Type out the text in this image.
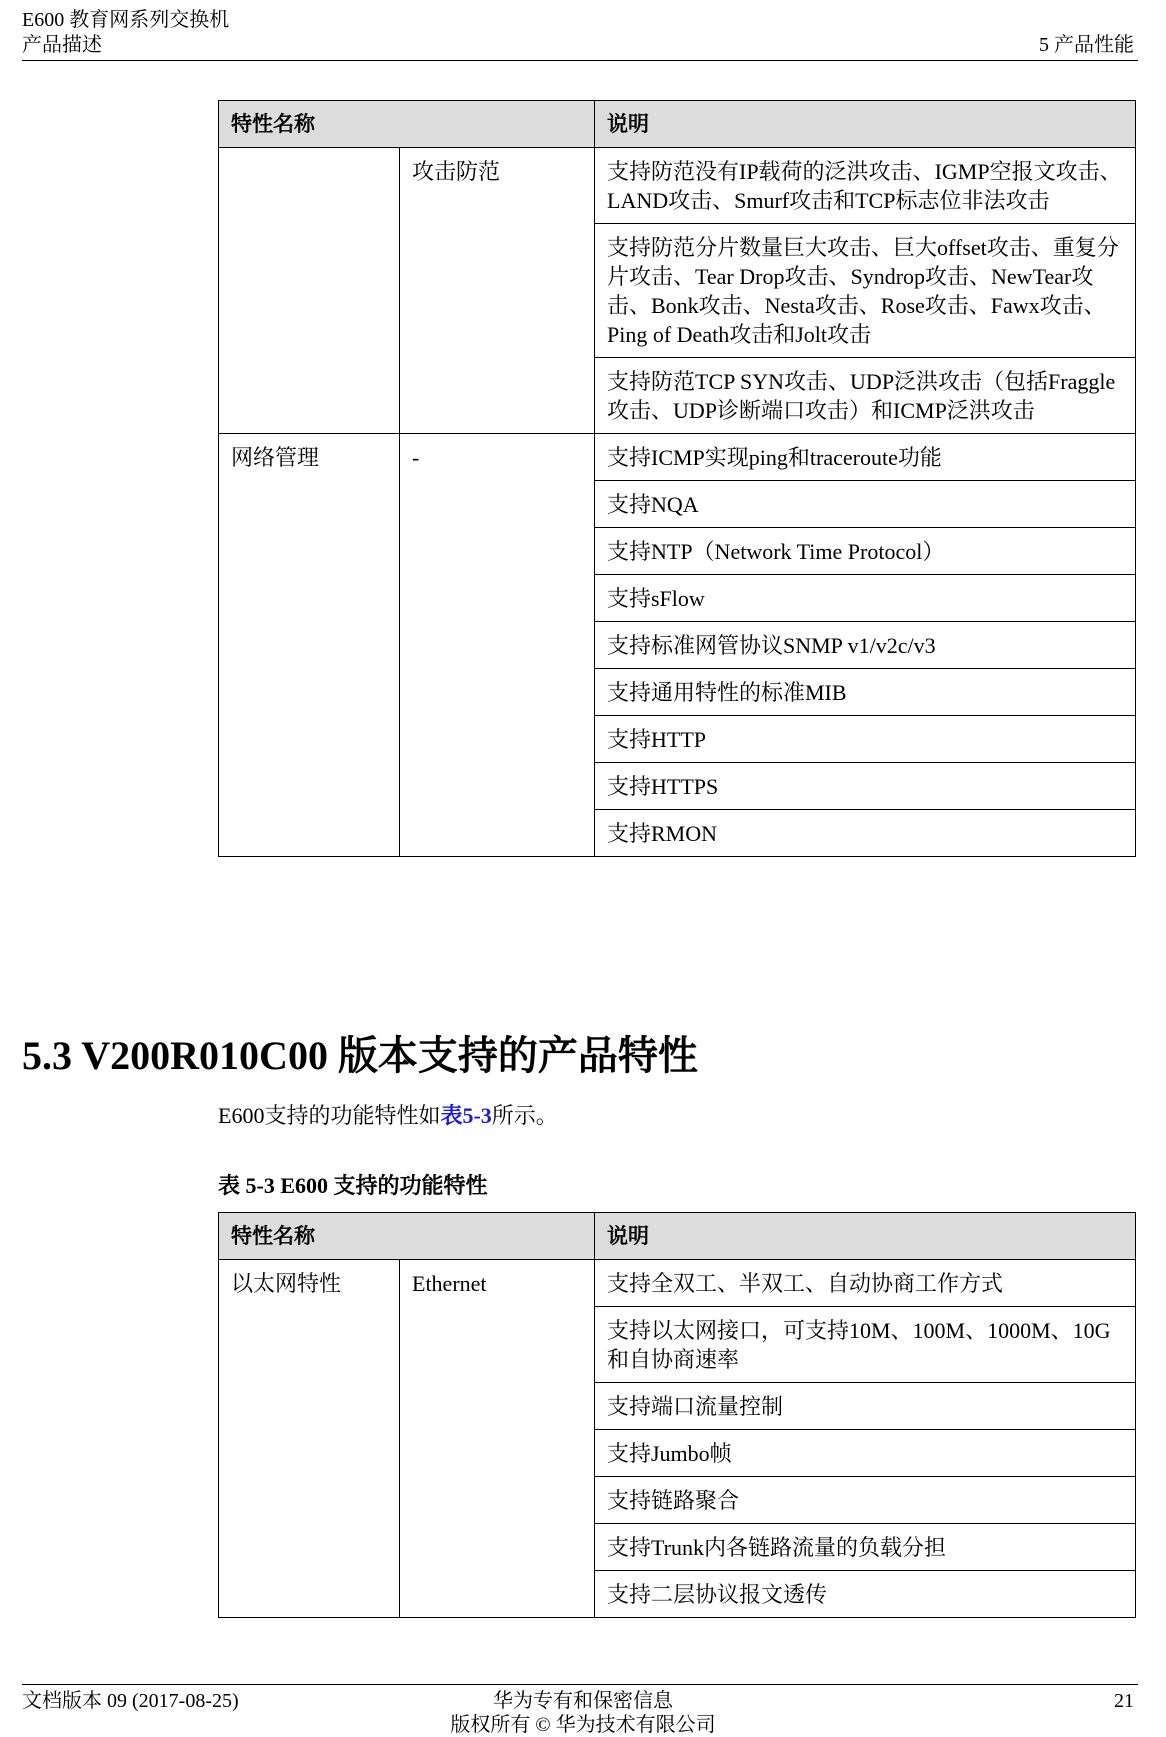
E600 教育网系列交换机
产品描述	5 产品性能
特性名称		说明
	攻击防范	支持防范没有IP载荷的泛洪攻击、IGMP空报文攻击、LAND攻击、Smurf攻击和TCP标志位非法攻击
		支持防范分片数量巨大攻击、巨大offset攻击、重复分片攻击、Tear Drop攻击、Syndrop攻击、NewTear攻击、Bonk攻击、Nesta攻击、Rose攻击、Fawx攻击、Ping of Death攻击和Jolt攻击
		支持防范TCP SYN攻击、UDP泛洪攻击（包括Fraggle攻击、UDP诊断端口攻击）和ICMP泛洪攻击
网络管理	-	支持ICMP实现ping和traceroute功能
		支持NQA
		支持NTP（Network Time Protocol）
		支持sFlow
		支持标准网管协议SNMP v1/v2c/v3
		支持通用特性的标准MIB
		支持HTTP
		支持HTTPS
		支持RMON
5.3 V200R010C00 版本支持的产品特性
E600支持的功能特性如表5-3所示。
表 5-3 E600 支持的功能特性
特性名称		说明
以太网特性	Ethernet	支持全双工、半双工、自动协商工作方式
		支持以太网接口，可支持10M、100M、1000M、10G和自协商速率
		支持端口流量控制
		支持Jumbo帧
		支持链路聚合
		支持Trunk内各链路流量的负载分担
		支持二层协议报文透传
文档版本 09 (2017-08-25)	华为专有和保密信息
版权所有 © 华为技术有限公司
21
